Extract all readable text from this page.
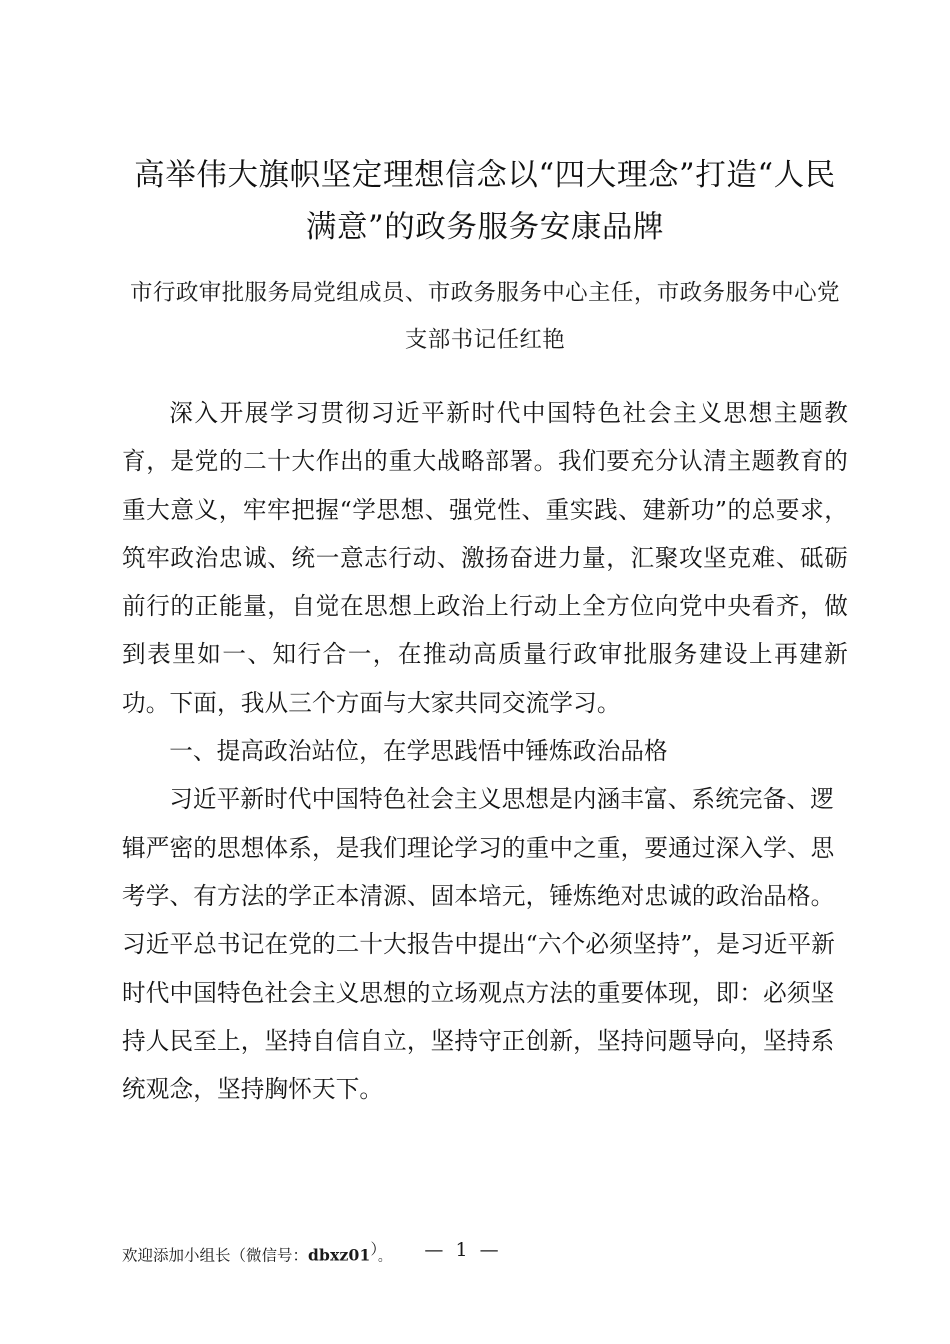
高举伟大旗帜坚定理想信念以“四大理念”打造“人民满意”的政务服务安康品牌

市行政审批服务局党组成员、市政务服务中心主任，市政务服务中心党支部书记任红艳

深入开展学习贯彻习近平新时代中国特色社会主义思想主题教育，是党的二十大作出的重大战略部署。我们要充分认清主题教育的重大意义，牢牢把握“学思想、强党性、重实践、建新功”的总要求，筑牢政治忠诚、统一意志行动、激扬奋进力量，汇聚攻坚克难、砥砺前行的正能量，自觉在思想上政治上行动上全方位向党中央看齐，做到表里如一、知行合一，在推动高质量行政审批服务建设上再建新功。下面，我从三个方面与大家共同交流学习。

一、提高政治站位，在学思践悟中锤炼政治品格

习近平新时代中国特色社会主义思想是内涵丰富、系统完备、逻辑严密的思想体系，是我们理论学习的重中之重，要通过深入学、思考学、有方法的学正本清源、固本培元，锤炼绝对忠诚的政治品格。习近平总书记在党的二十大报告中提出“六个必须坚持”，是习近平新时代中国特色社会主义思想的立场观点方法的重要体现，即：必须坚持人民至上，坚持自信自立，坚持守正创新，坚持问题导向，坚持系统观念，坚持胸怀天下。

欢迎添加小组长（微信号：dbxz01）。	— 1 —
